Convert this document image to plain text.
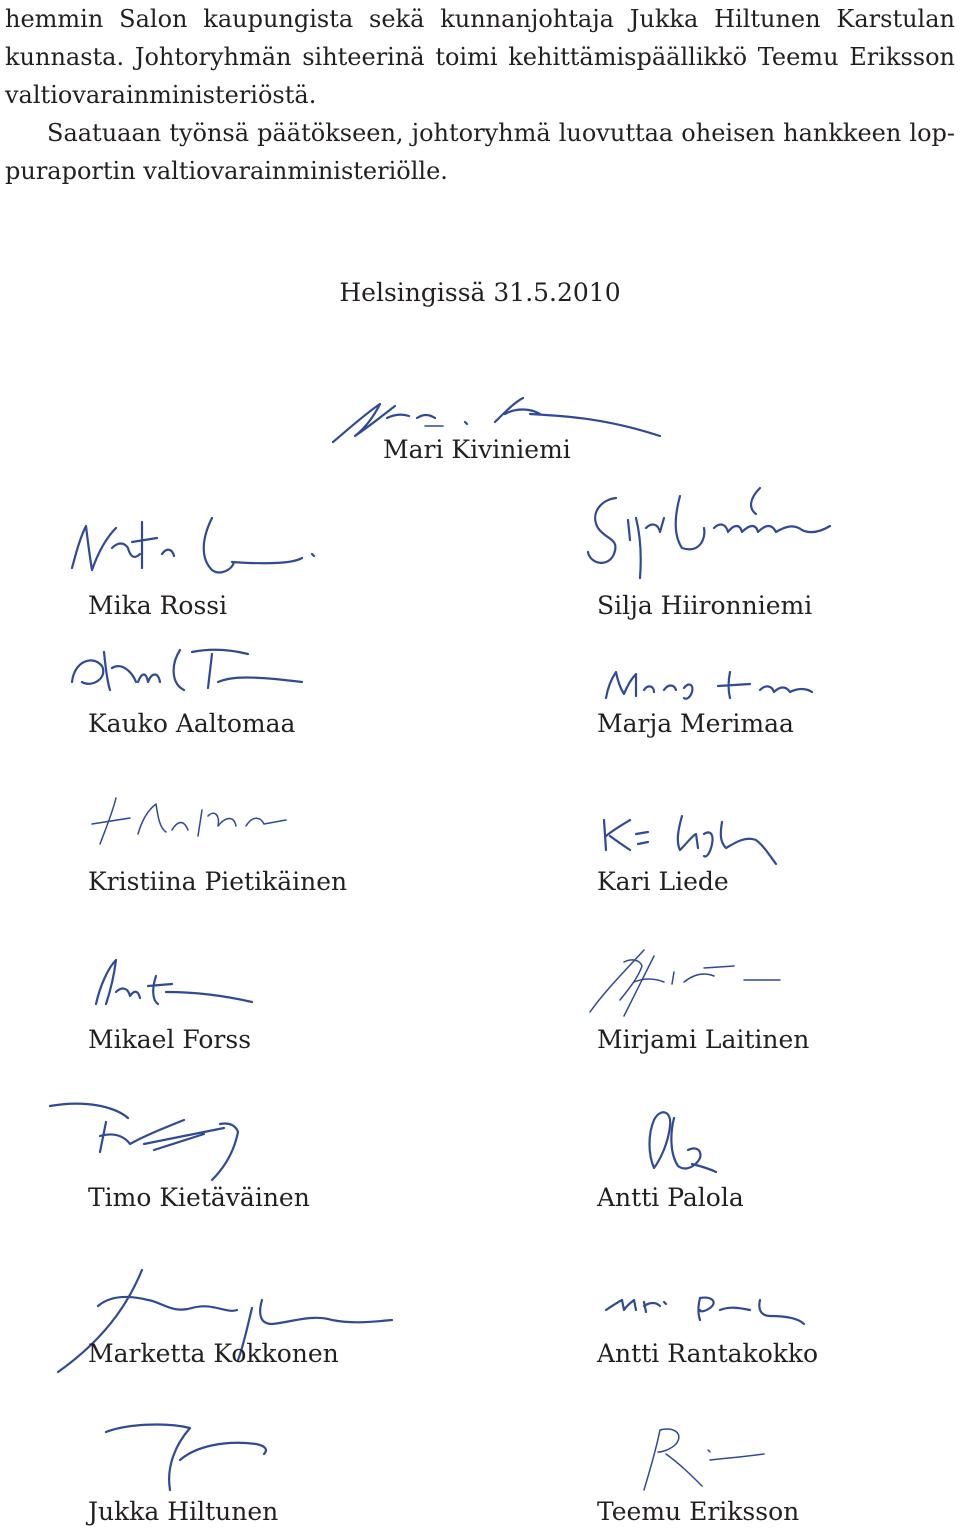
hemmin Salon kaupungista sekä kunnanjohtaja Jukka Hiltunen Karstulan
kunnasta. Johtoryhmän sihteerinä toimi kehittämispäällikkö Teemu Eriksson
valtiovarainministeriöstä.

Saatuaan työnsä päätökseen, johtoryhmä luovuttaa oheisen hankkeen lop-
puraportin valtiovarainministeriölle.

Helsingissä 31.5.2010
Mari Kiviniemi
Mika Rossi
Kauko Aaltomaa
Kristiina Pietikäinen
Mikael Forss
Timo Kietäväinen
Marketta Kokkonen
Jukka Hiltunen
Silja Hiironniemi
Marja Merimaa
Kari Liede
Mirjami Laitinen
Antti Palola
Antti Rantakokko
Teemu Eriksson
